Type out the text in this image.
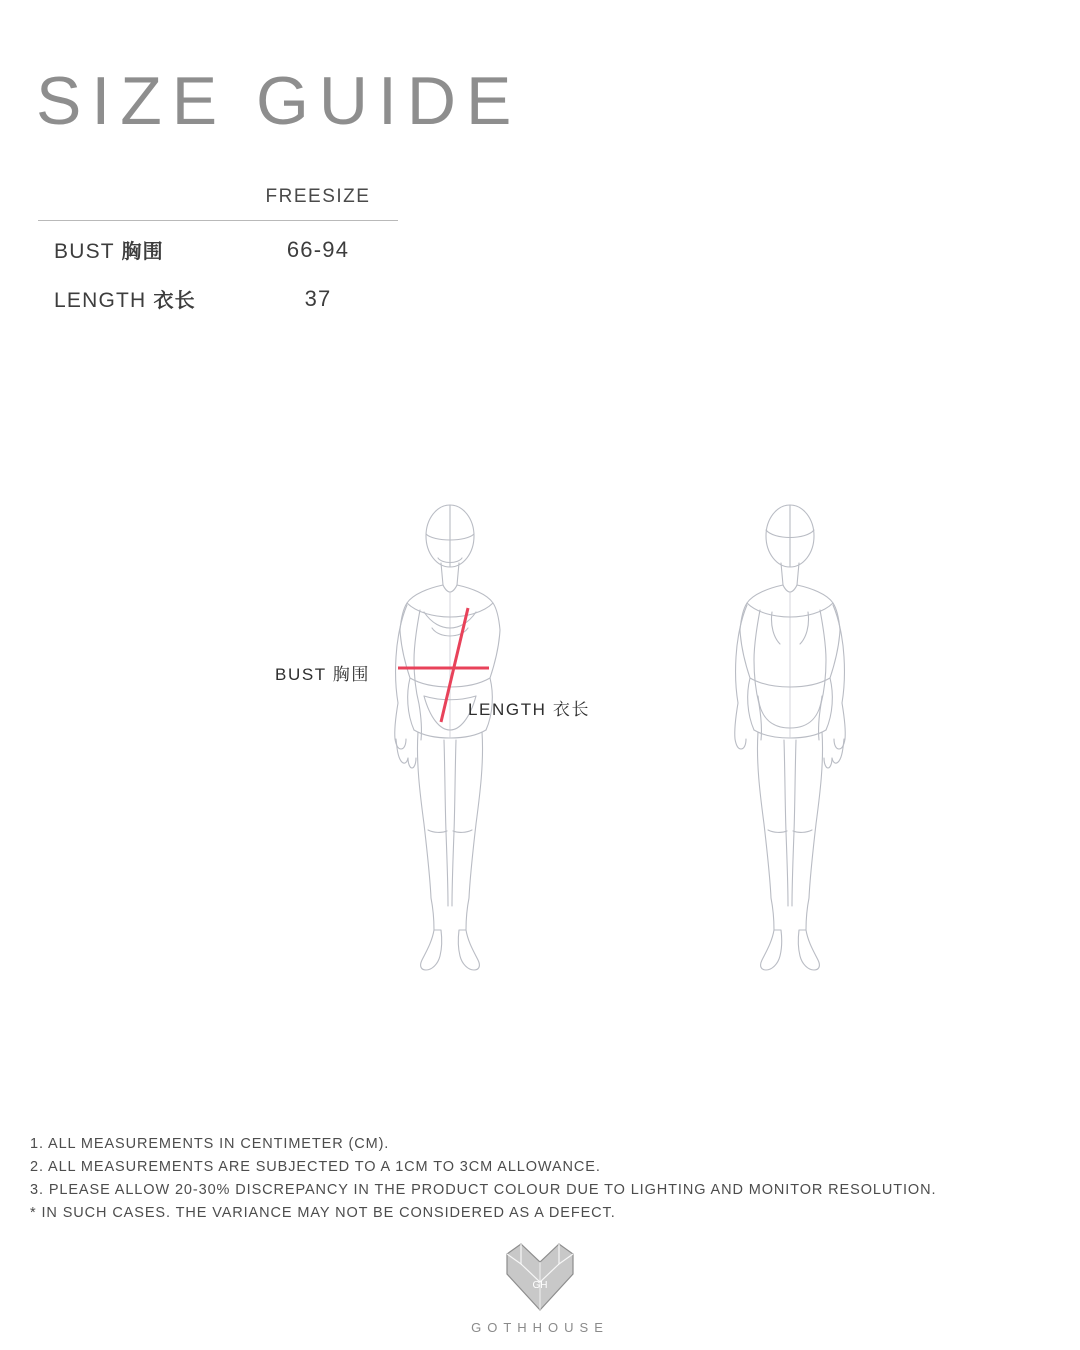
SIZE GUIDE
	FREESIZE
BUST 胸围	66-94
LENGTH 衣长	37
BUST 胸围
LENGTH 衣长
1. ALL MEASUREMENTS IN CENTIMETER (CM).
2. ALL MEASUREMENTS ARE SUBJECTED TO A 1CM TO 3CM ALLOWANCE.
3. PLEASE ALLOW 20-30% DISCREPANCY IN THE PRODUCT COLOUR DUE TO LIGHTING AND MONITOR RESOLUTION.
* IN SUCH CASES. THE VARIANCE MAY NOT BE CONSIDERED AS A DEFECT.
GH
GOTHHOUSE
